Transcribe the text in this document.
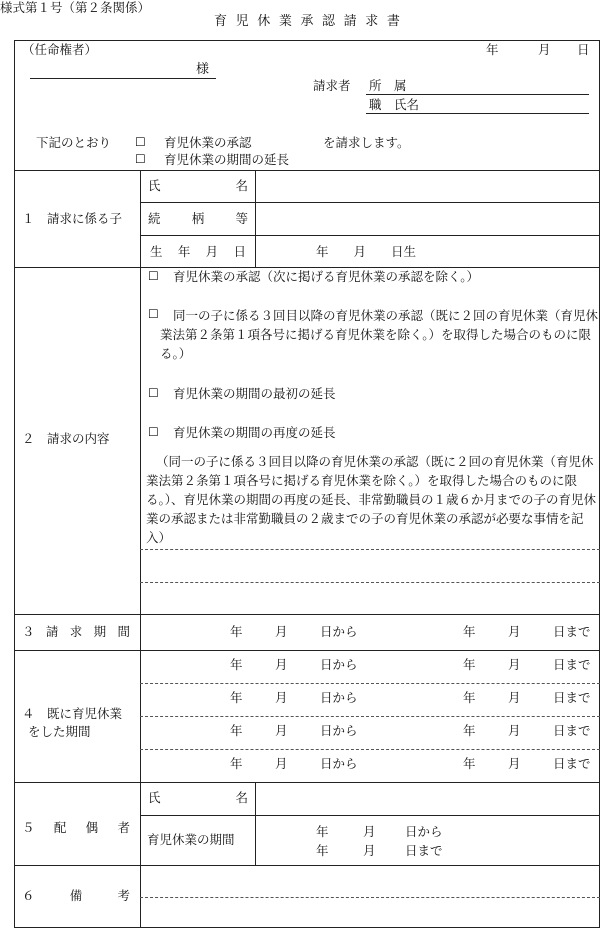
様式第１号（第２条関係）
育 児 休 業 承 認 請 求 書
（任命権者）	年	月 日
様
請求者 所　属
職　氏名
下記のとおり ☐ 育児休業の承認	を請求します。
☐ 育児休業の期間の延長
１　請求に係る子
氏	名
続 柄 等
生 年 月 日	年　　月　　日生
２　請求の内容
☐ 育児休業の承認（次に掲げる育児休業の承認を除く。）
☐	同一の子に係る３回目以降の育児休業の承認（既に２回の育児休業（育児休業法第２条第１項各号に掲げる育児休業を除く。）を取得した場合のものに限る。）
☐ 育児休業の期間の最初の延長
☐ 育児休業の期間の再度の延長
（同一の子に係る３回目以降の育児休業の承認（既に２回の育児休業（育児休業法第２条第１項各号に掲げる育児休業を除く。）を取得した場合のものに限る。）、育児休業の期間の再度の延長、非常勤職員の１歳６か月までの子の育児休業の承認または非常勤職員の２歳までの子の育児休業の承認が必要な事情を記入）
３ 請 求 期 間	年	月	日から	年	月	日まで
４　既に育児休業
をした期間
年	月	日から	年	月	日まで
年	月	日から	年	月	日まで
年	月	日から	年	月	日まで
年	月	日から	年	月	日まで
５ 配 偶 者
氏	名
育児休業の期間
年	月 日から
年	月 日まで
６	備	考
